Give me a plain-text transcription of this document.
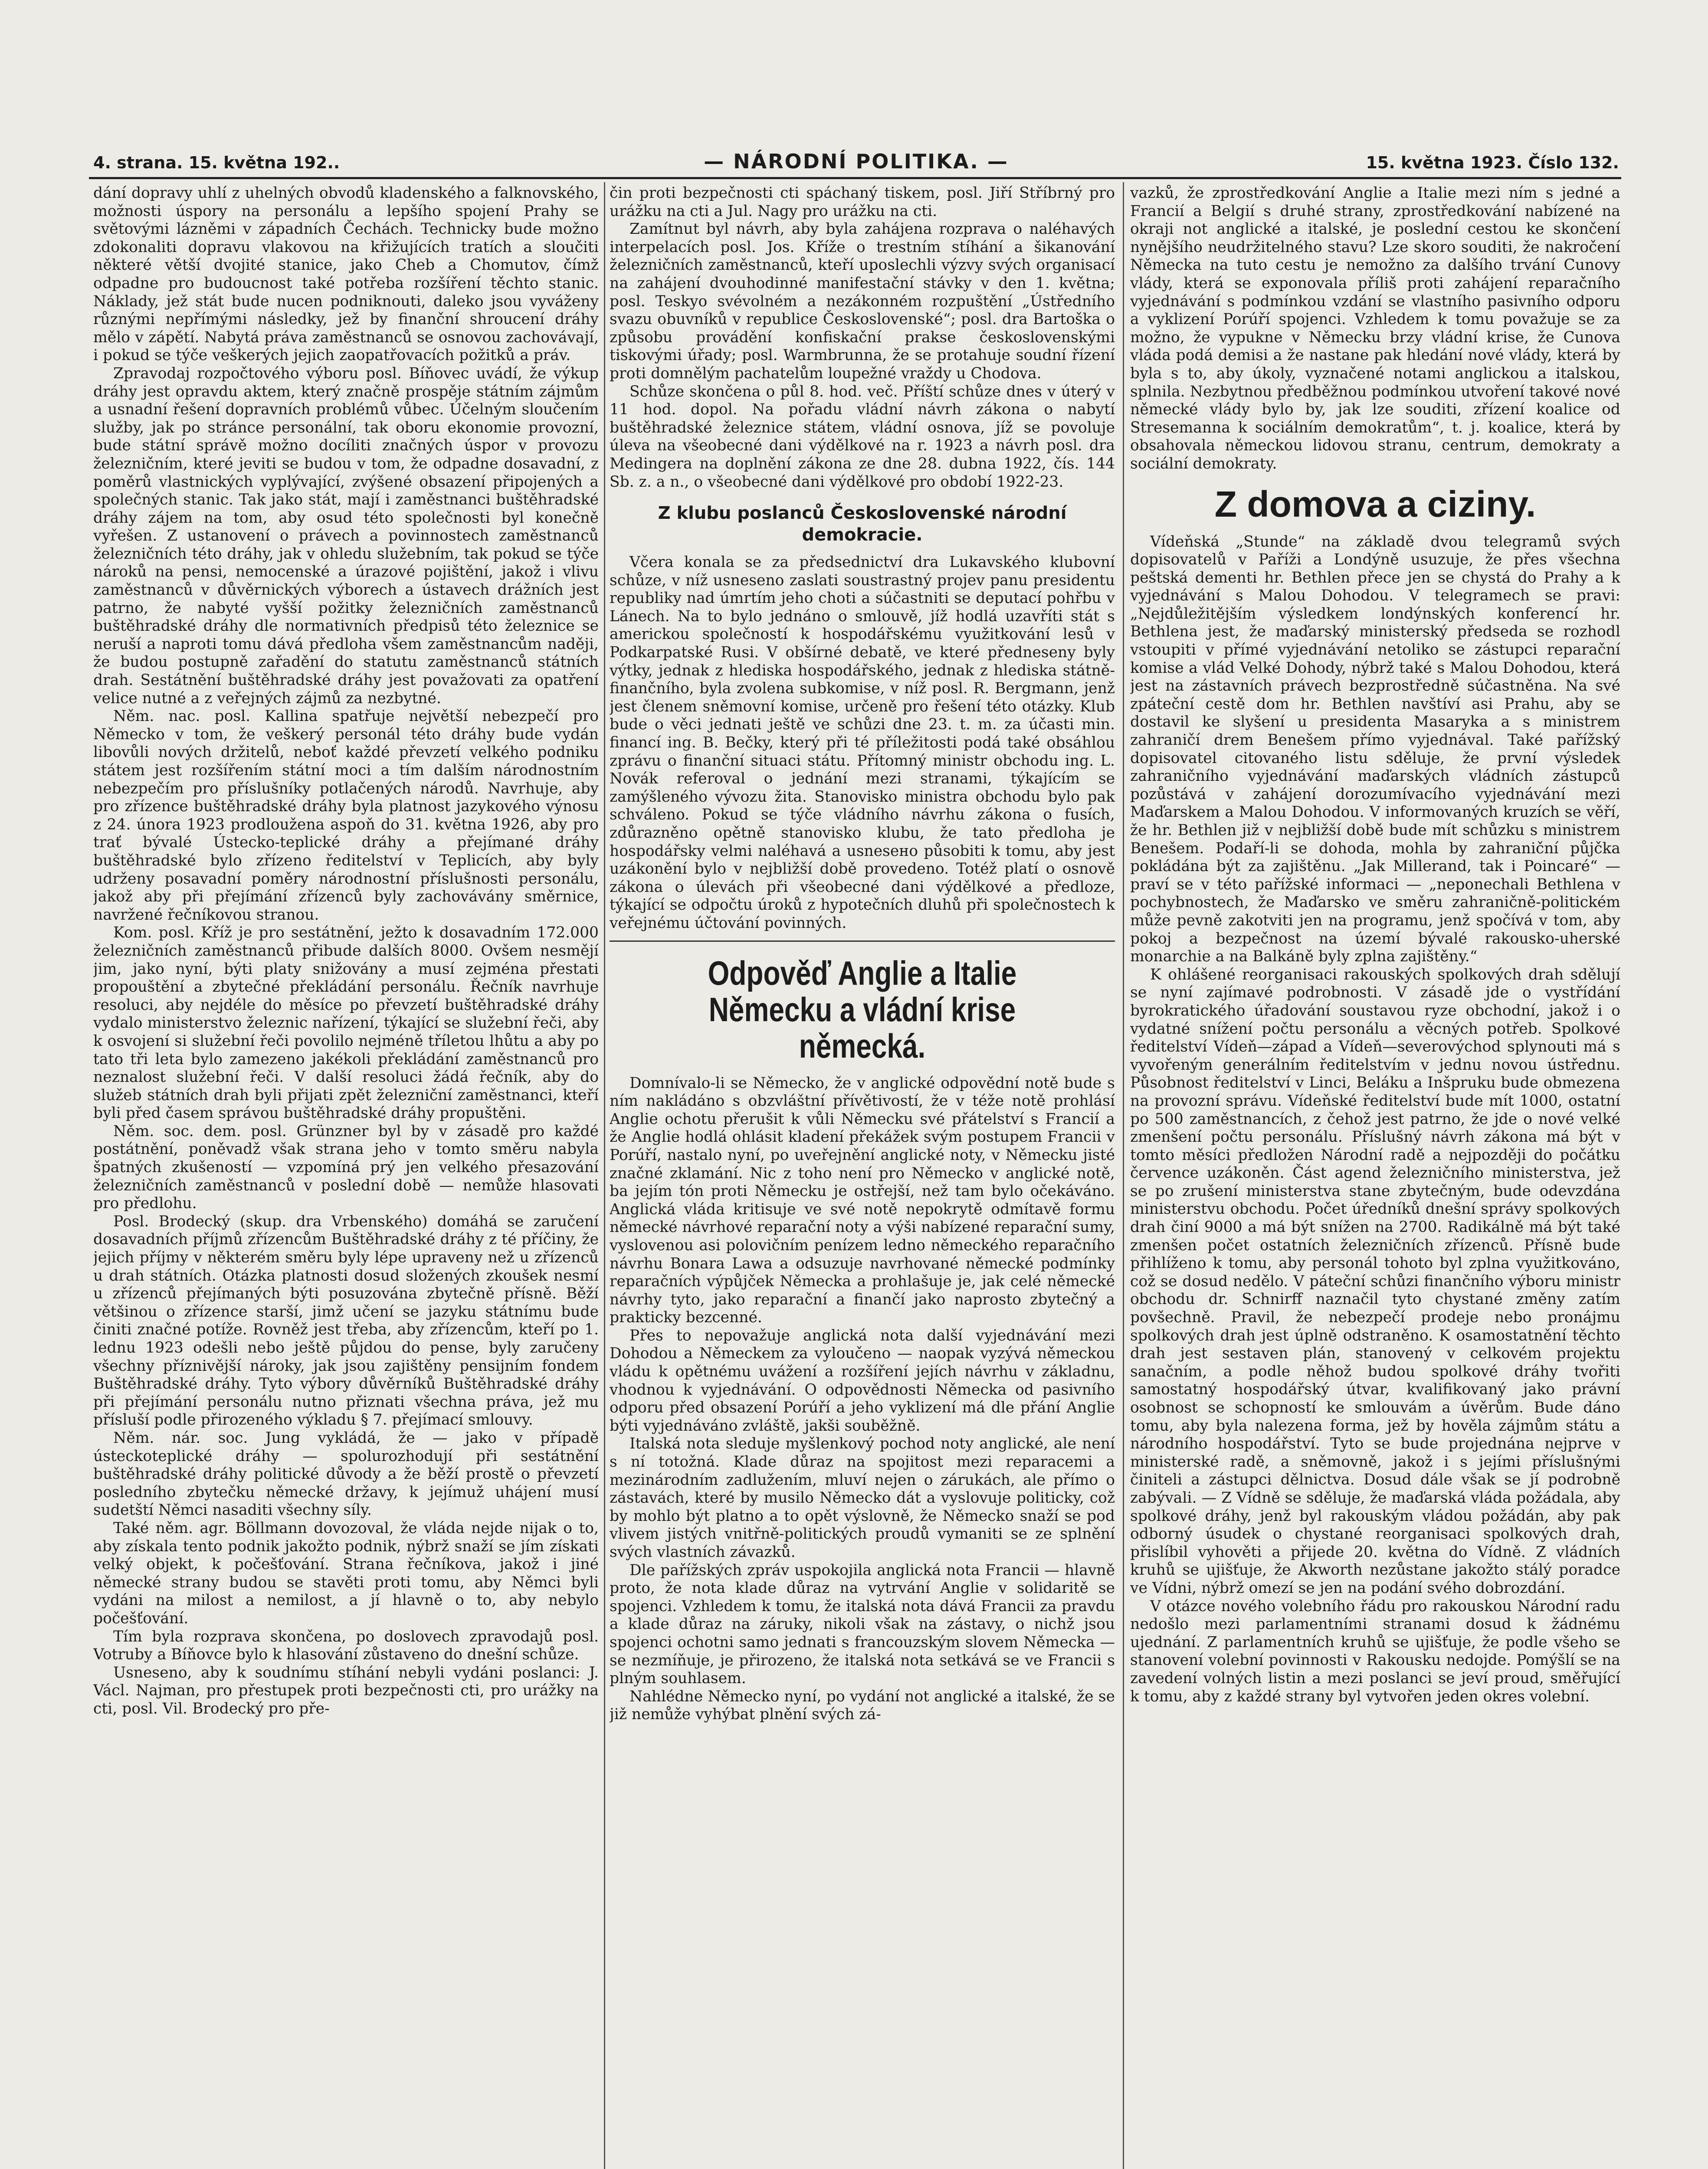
4. strana. 15. května 192..	— NÁRODNÍ POLITIKA. —	15. května 1923. Číslo 132.

dání dopravy uhlí z uhelných obvodů kladenského a falknovského, možnosti úspory na personálu a lepšího spojení Prahy se světovými lázněmi v západních Čechách. Technicky bude možno zdokonaliti dopravu vlakovou na křižujících tratích a sloučiti některé větší dvojité stanice, jako Cheb a Chomutov, čímž odpadne pro budoucnost také potřeba rozšíření těchto stanic. Náklady, jež stát bude nucen podniknouti, daleko jsou vyváženy různými nepřímými následky, jež by finanční shroucení dráhy mělo v zápětí. Nabytá práva zaměstnanců se osnovou zachovávají, i pokud se týče veškerých jejich zaopatřovacích požitků a práv.

Zpravodaj rozpočtového výboru posl. Bíňovec uvádí, že výkup dráhy jest opravdu aktem, který značně prospěje státním zájmům a usnadní řešení dopravních problémů vůbec. Účelným sloučením služby, jak po stránce personální, tak oboru ekonomie provozní, bude státní správě možno docíliti značných úspor v provozu železničním, které jeviti se budou v tom, že odpadne dosavadní, z poměrů vlastnických vyplývající, zvýšené obsazení připojených a společných stanic. Tak jako stát, mají i zaměstnanci buštěhradské dráhy zájem na tom, aby osud této společnosti byl konečně vyřešen. Z ustanovení o právech a povinnostech zaměstnanců železničních této dráhy, jak v ohledu služebním, tak pokud se týče nároků na pensi, nemocenské a úrazové pojištění, jakož i vlivu zaměstnanců v důvěrnických výborech a ústavech drážních jest patrno, že nabyté vyšší požitky železničních zaměstnanců buštěhradské dráhy dle normativních předpisů této železnice se neruší a naproti tomu dává předloha všem zaměstnancům naději, že budou postupně zařadění do statutu zaměstnanců státních drah. Sestátnění buštěhradské dráhy jest považovati za opatření velice nutné a z veřejných zájmů za nezbytné.

Něm. nac. posl. Kallina spatřuje největší nebezpečí pro Německo v tom, že veškerý personál této dráhy bude vydán libovůli nových držitelů, neboť každé převzetí velkého podniku státem jest rozšířením státní moci a tím dalším národnostním nebezpečím pro příslušníky potlačených národů. Navrhuje, aby pro zřízence buštěhradské dráhy byla platnost jazykového výnosu z 24. února 1923 prodloužena aspoň do 31. května 1926, aby pro trať bývalé Ústecko-teplické dráhy a přejímané dráhy buštěhradské bylo zřízeno ředitelství v Teplicích, aby byly udrženy posavadní poměry národnostní příslušnosti personálu, jakož aby při přejímání zřízenců byly zachovávány směrnice, navržené řečníkovou stranou.

Kom. posl. Kříž je pro sestátnění, ježto k dosavadním 172.000 železničních zaměstnanců přibude dalších 8000. Ovšem nesmějí jim, jako nyní, býti platy snižovány a musí zejména přestati propouštění a zbytečné překládání personálu. Řečník navrhuje resoluci, aby nejdéle do měsíce po převzetí buštěhradské dráhy vydalo ministerstvo železnic nařízení, týkající se služební řeči, aby k osvojení si služební řeči povolilo nejméně tříletou lhůtu a aby po tato tři leta bylo zamezeno jakékoli překládání zaměstnanců pro neznalost služební řeči. V další resoluci žádá řečník, aby do služeb státních drah byli přijati zpět železniční zaměstnanci, kteří byli před časem správou buštěhradské dráhy propuštěni.

Něm. soc. dem. posl. Grünzner byl by v zásadě pro každé postátnění, poněvadž však strana jeho v tomto směru nabyla špatných zkušeností — vzpomíná prý jen velkého přesazování železničních zaměstnanců v poslední době — nemůže hlasovati pro předlohu.

Posl. Brodecký (skup. dra Vrbenského) domáhá se zaručení dosavadních příjmů zřízencům Buštěhradské dráhy z té příčiny, že jejich příjmy v některém směru byly lépe upraveny než u zřízenců u drah státních. Otázka platnosti dosud složených zkoušek nesmí u zřízenců přejímaných býti posuzována zbytečně přísně. Běží většinou o zřízence starší, jimž učení se jazyku státnímu bude činiti značné potíže. Rovněž jest třeba, aby zřízencům, kteří po 1. lednu 1923 odešli nebo ještě půjdou do pense, byly zaručeny všechny příznivější nároky, jak jsou zajištěny pensijním fondem Buštěhradské dráhy. Tyto výbory důvěrníků Buštěhradské dráhy při přejímání personálu nutno přiznati všechna práva, jež mu přísluší podle přirozeného výkladu § 7. přejímací smlouvy.

Něm. nár. soc. Jung vykládá, že — jako v případě ústeckoteplické dráhy — spolurozhodují při sestátnění buštěhradské dráhy politické důvody a že běží prostě o převzetí posledního zbytečku německé državy, k jejímuž uhájení musí sudetští Němci nasaditi všechny síly.

Také něm. agr. Böllmann dovozoval, že vláda nejde nijak o to, aby získala tento podnik jakožto podnik, nýbrž snaží se jím získati velký objekt, k počešťování. Strana řečníkova, jakož i jiné německé strany budou se stavěti proti tomu, aby Němci byli vydáni na milost a nemilost, a jí hlavně o to, aby nebylo počešťování.

Tím byla rozprava skončena, po doslovech zpravodajů posl. Votruby a Bíňovce bylo k hlasování zůstaveno do dnešní schůze.

Usneseno, aby k soudnímu stíhání nebyli vydáni poslanci: J. Václ. Najman, pro přestupek proti bezpečnosti cti, pro urážky na cti, posl. Vil. Brodecký pro pře-

čin proti bezpečnosti cti spáchaný tiskem, posl. Jiří Stříbrný pro urážku na cti a Jul. Nagy pro urážku na cti.

Zamítnut byl návrh, aby byla zahájena rozprava o naléhavých interpelacích posl. Jos. Kříže o trestním stíhání a šikanování železničních zaměstnanců, kteří uposlechli výzvy svých organisací na zahájení dvouhodinné manifestační stávky v den 1. května; posl. Teskyo svévolném a nezákonném rozpuštění „Ústředního svazu obuvníků v republice Československé“; posl. dra Bartoška o způsobu provádění konfiskační prakse československými tiskovými úřady; posl. Warmbrunna, že se protahuje soudní řízení proti domnělým pachatelům loupežné vraždy u Chodova.

Schůze skončena o půl 8. hod. več. Příští schůze dnes v úterý v 11 hod. dopol. Na pořadu vládní návrh zákona o nabytí buštěhradské železnice státem, vládní osnova, jíž se povoluje úleva na všeobecné dani výdělkové na r. 1923 a návrh posl. dra Medingera na doplnění zákona ze dne 28. dubna 1922, čís. 144 Sb. z. a n., o všeobecné dani výdělkové pro období 1922-23.

Z klubu poslanců Československé národní demokracie.

Včera konala se za předsednictví dra Lukavského klubovní schůze, v níž usneseno zaslati soustrastný projev panu presidentu republiky nad úmrtím jeho choti a súčastniti se deputací pohřbu v Lánech. Na to bylo jednáno o smlouvě, jíž hodlá uzavříti stát s americkou společností k hospodářskému využitkování lesů v Podkarpatské Rusi. V obšírné debatě, ve které předneseny byly výtky, jednak z hlediska hospodářského, jednak z hlediska státně-finančního, byla zvolena subkomise, v níž posl. R. Bergmann, jenž jest členem sněmovní komise, určeně pro řešení této otázky. Klub bude o věci jednati ještě ve schůzi dne 23. t. m. za účasti min. financí ing. B. Bečky, který při té příležitosti podá také obsáhlou zprávu o finanční situaci státu. Přítomný ministr obchodu ing. L. Novák referoval o jednání mezi stranami, týkajícím se zamýšleného vývozu žita. Stanovisko ministra obchodu bylo pak schváleno. Pokud se týče vládního návrhu zákona o fusích, zdůrazněno opětně stanovisko klubu, že tato předloha je hospodářsky velmi naléhavá a usnesено působiti k tomu, aby jest uzákonění bylo v nejbližší době provedeno. Totéž platí o osnově zákona o úlevách při všeobecné dani výdělkové a předloze, týkající se odpočtu úroků z hypotečních dluhů při společnostech k veřejnému účtování povinných.

Odpověď Anglie a Italie Německu a vládní krise německá.

Domnívalo-li se Německo, že v anglické odpovědní notě bude s ním nakládáno s obzvláštní přívětivostí, že v téže notě prohlásí Anglie ochotu přerušit k vůli Německu své přátelství s Francií a že Anglie hodlá ohlásit kladení překážek svým postupem Francii v Porúří, nastalo nyní, po uveřejnění anglické noty, v Německu jisté značné zklamání. Nic z toho není pro Německo v anglické notě, ba jejím tón proti Německu je ostřejší, než tam bylo očekáváno. Anglická vláda kritisuje ve své notě nepokrytě odmítavě formu německé návrhové reparační noty a výši nabízené reparační sumy, vyslovenou asi polovičním penízem ledno německého reparačního návrhu Bonara Lawa a odsuzuje navrhované německé podmínky reparačních výpůjček Německa a prohlašuje je, jak celé německé návrhy tyto, jako reparační a finančí jako naprosto zbytečný a prakticky bezcenné.

Přes to nepovažuje anglická nota další vyjednávání mezi Dohodou a Německem za vyloučeno — naopak vyzývá německou vládu k opětnému uvážení a rozšíření jejích návrhu v základnu, vhodnou k vyjednávání. O odpovědnosti Německa od pasivního odporu před obsazení Porúří a jeho vyklizení má dle přání Anglie býti vyjednáváno zvláště, jakši souběžně.

Italská nota sleduje myšlenkový pochod noty anglické, ale není s ní totožná. Klade důraz na spojitost mezi reparacemi a mezinárodním zadlužením, mluví nejen o zárukách, ale přímo o zástavách, které by musilo Německo dát a vyslovuje politicky, což by mohlo být platno a to opět výslovně, že Německo snaží se pod vlivem jistých vnitřně-politických proudů vymaniti se ze splnění svých vlastních závazků.

Dle pařížských zpráv uspokojila anglická nota Francii — hlavně proto, že nota klade důraz na vytrvání Anglie v solidaritě se spojenci. Vzhledem k tomu, že italská nota dává Francii za pravdu a klade důraz na záruky, nikoli však na zástavy, o nichž jsou spojenci ochotni samo jednati s francouzským slovem Německa — se nezmíňuje, je přirozeno, že italská nota setkává se ve Francii s plným souhlasem.

Nahlédne Německo nyní, po vydání not anglické a italské, že se již nemůže vyhýbat plnění svých zá-

vazků, že zprostředkování Anglie a Italie mezi ním s jedné a Francií a Belgií s druhé strany, zprostředkování nabízené na okraji not anglické a italské, je poslední cestou ke skončení nynějšího neudržitelného stavu? Lze skoro souditi, že nakročení Německa na tuto cestu je nemožno za dalšího trvání Cunovy vlády, která se exponovala příliš proti zahájení reparačního vyjednávání s podmínkou vzdání se vlastního pasivního odporu a vyklizení Porúří spojenci. Vzhledem k tomu považuje se za možno, že vypukne v Německu brzy vládní krise, že Cunova vláda podá demisi a že nastane pak hledání nové vlády, která by byla s to, aby úkoly, vyznačené notami anglickou a italskou, splnila. Nezbytnou předběžnou podmínkou utvoření takové nové německé vlády bylo by, jak lze souditi, zřízení koalice od Stresemanna k sociálním demokratům“, t. j. koalice, která by obsahovala německou lidovou stranu, centrum, demokraty a sociální demokraty.

Z domova a ciziny.

Vídeňská „Stunde“ na základě dvou telegramů svých dopisovatelů v Paříži a Londýně usuzuje, že přes všechna peštská dementi hr. Bethlen přece jen se chystá do Prahy a k vyjednávání s Malou Dohodou. V telegramech se pravi: „Nejdůležitějším výsledkem londýnských konferencí hr. Bethlena jest, že maďarský ministerský předseda se rozhodl vstoupiti v přímé vyjednávání netoliko se zástupci reparační komise a vlád Velké Dohody, nýbrž také s Malou Dohodou, která jest na zástavních právech bezprostředně súčastněna. Na své zpáteční cestě dom hr. Bethlen navštíví asi Prahu, aby se dostavil ke slyšení u presidenta Masaryka a s ministrem zahraničí drem Benešem přímo vyjednával. Také pařížský dopisovatel citovaného listu sděluje, že první výsledek zahraničního vyjednávání maďarských vládních zástupců pozůstává v zahájení dorozumívacího vyjednávání mezi Maďarskem a Malou Dohodou. V informovaných kruzích se věří, že hr. Bethlen již v nejbližší době bude mít schůzku s ministrem Benešem. Podaří-li se dohoda, mohla by zahraniční půjčka pokládána být za zajištěnu. „Jak Millerand, tak i Poincaré“ — praví se v této pařížské informaci — „neponechali Bethlena v pochybnostech, že Maďarsko ve směru zahraničně-politickém může pevně zakotviti jen na programu, jenž spočívá v tom, aby pokoj a bezpečnost na území bývalé rakousko-uherské monarchie a na Balkáně byly zplna zajištěny.“

K ohlášené reorganisaci rakouských spolkových drah sdělují se nyní zajímavé podrobnosti. V zásadě jde o vystřídání byrokratického úřadování soustavou ryze obchodní, jakož i o vydatné snížení počtu personálu a věcných potřeb. Spolkové ředitelství Vídeň—západ a Vídeň—severovýchod splynouti má s vyvořeným generálním ředitelstvím v jednu novou ústřednu. Působnost ředitelství v Linci, Beláku a Inšpruku bude obmezena na provozní správu. Vídeňské ředitelství bude mít 1000, ostatní po 500 zaměstnancích, z čehož jest patrno, že jde o nové velké zmenšení počtu personálu. Příslušný návrh zákona má být v tomto měsíci předložen Národní radě a nejpozději do počátku července uzákoněn. Část agend železničního ministerstva, jež se po zrušení ministerstva stane zbytečným, bude odevzdána ministerstvu obchodu. Počet úředníků dnešní správy spolkových drah činí 9000 a má být snížen na 2700. Radikálně má být také zmenšen počet ostatních železničních zřízenců. Přísně bude přihlíženo k tomu, aby personál tohoto byl zplna využitkováno, což se dosud nedělo. V páteční schůzi finančního výboru ministr obchodu dr. Schnirff naznačil tyto chystané změny zatím povšechně. Pravil, že nebezpečí prodeje nebo pronájmu spolkových drah jest úplně odstraněno. K osamostatnění těchto drah jest sestaven plán, stanovený v celkovém projektu sanačním, a podle něhož budou spolkové dráhy tvořiti samostatný hospodářský útvar, kvalifikovaný jako právní osobnost se schopností ke smlouvám a úvěrům. Bude dáno tomu, aby byla nalezena forma, jež by hověla zájmům státu a národního hospodářství. Tyto se bude projednána nejprve v ministerské radě, a sněmovně, jakož i s jejími příslušnými činiteli a zástupci dělnictva. Dosud dále však se jí podrobně zabývali. — Z Vídně se sděluje, že maďarská vláda požádala, aby spolkové dráhy, jenž byl rakouským vládou požádán, aby pak odborný úsudek o chystané reorganisaci spolkových drah, přislíbil vyhověti a přijede 20. května do Vídně. Z vládních kruhů se ujišťuje, že Akworth nezůstane jakožto stálý poradce ve Vídni, nýbrž omezí se jen na podání svého dobrozdání.

V otázce nového volebního řádu pro rakouskou Národní radu nedošlo mezi parlamentními stranami dosud k žádnému ujednání. Z parlamentních kruhů se ujišťuje, že podle všeho se stanovení volební povinnosti v Rakousku nedojde. Pomýšlí se na zavedení volných listin a mezi poslanci se jeví proud, směřující k tomu, aby z každé strany byl vytvořen jeden okres volební.
